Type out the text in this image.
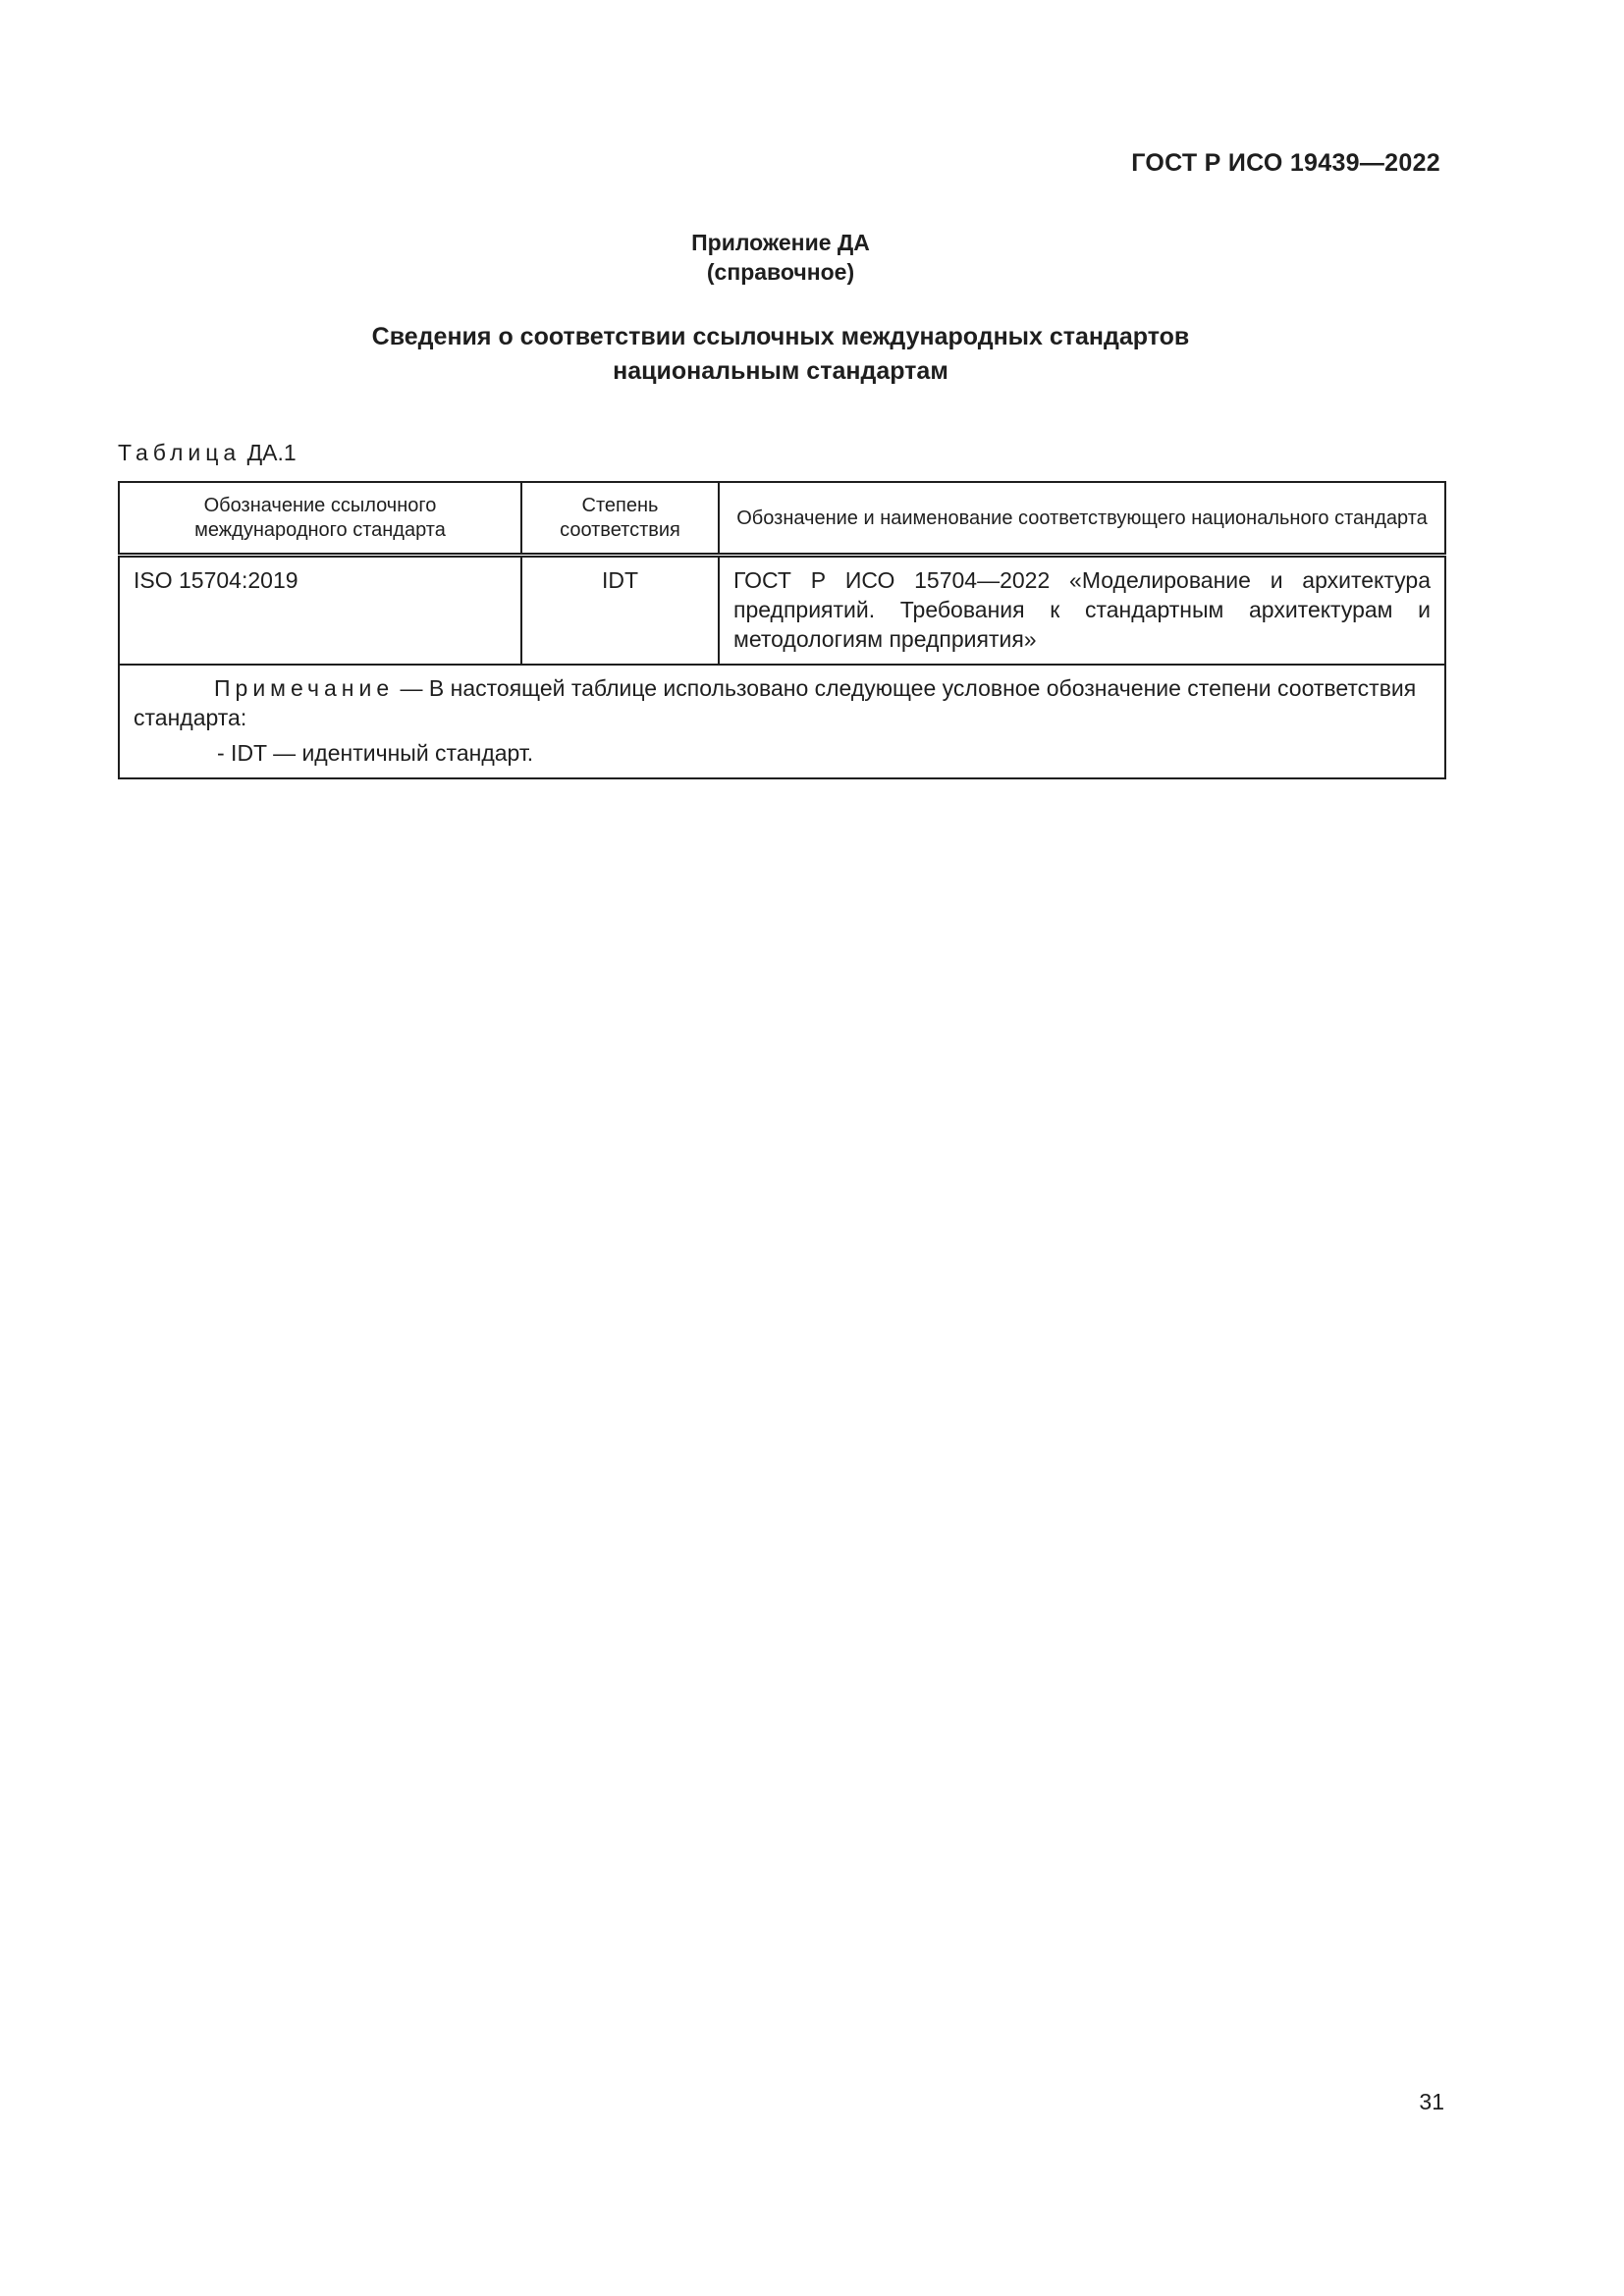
ГОСТ Р ИСО 19439—2022
Приложение ДА
(справочное)
Сведения о соответствии ссылочных международных стандартов
национальным стандартам
Таблица ДА.1
Обозначение ссылочного международного стандарта	Степень соответствия	Обозначение и наименование соответствующего национального стандарта
ISO 15704:2019	IDT	ГОСТ Р ИСО 15704—2022 «Моделирование и архитектура предприятий. Требования к стандартным архитектурам и методологиям предприятия»

Примечание — В настоящей таблице использовано следующее условное обозначение степени соответствия стандарта:
- IDT — идентичный стандарт.		
31
